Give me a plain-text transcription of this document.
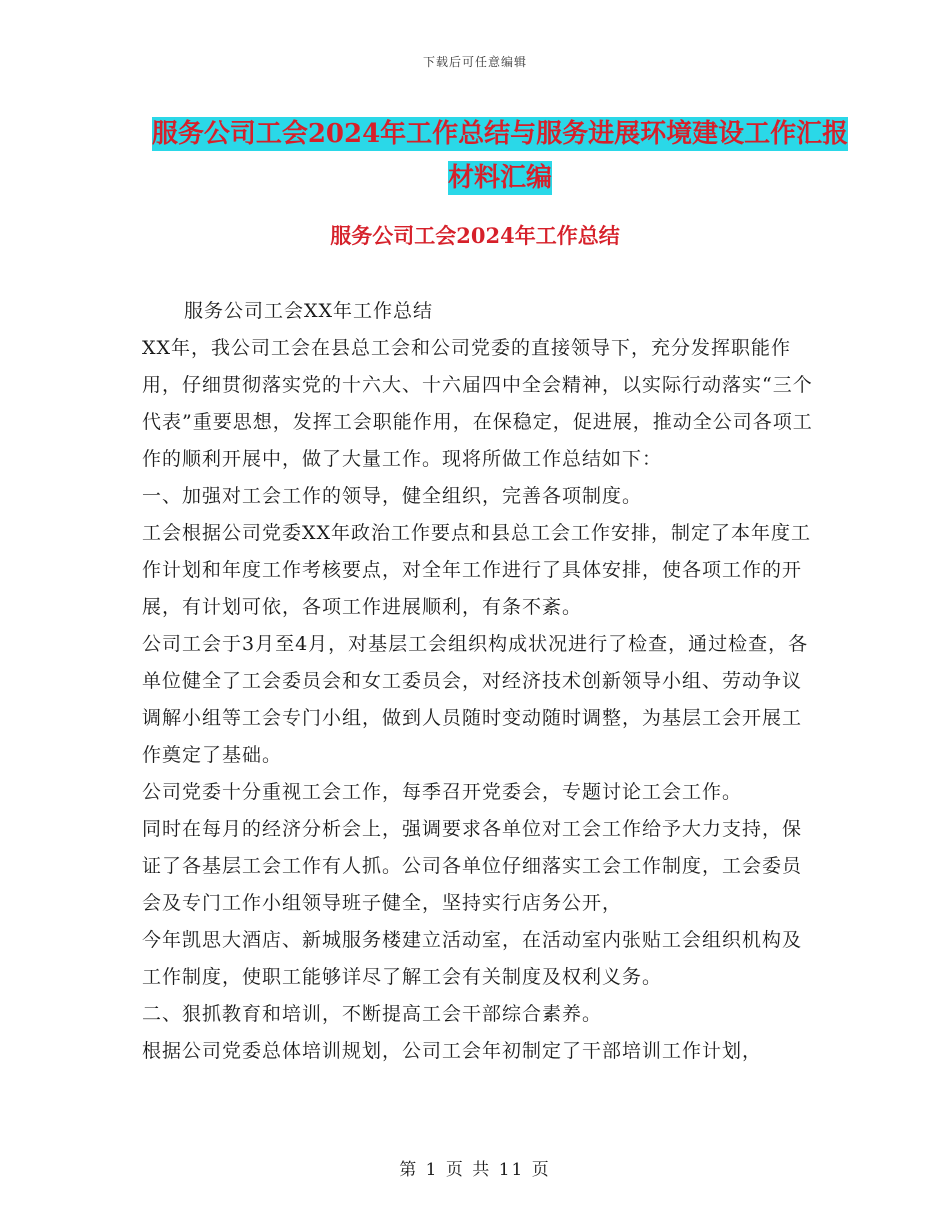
下载后可任意编辑
服务公司工会2024年工作总结与服务进展环境建设工作汇报材料汇编
服务公司工会2024年工作总结

服务公司工会XX年工作总结

XX年，我公司工会在县总工会和公司党委的直接领导下，充分发挥职能作用，仔细贯彻落实党的十六大、十六届四中全会精神，以实际行动落实“三个代表”重要思想，发挥工会职能作用，在保稳定，促进展，推动全公司各项工作的顺利开展中，做了大量工作。现将所做工作总结如下：

一、加强对工会工作的领导，健全组织，完善各项制度。

工会根据公司党委XX年政治工作要点和县总工会工作安排，制定了本年度工作计划和年度工作考核要点，对全年工作进行了具体安排，使各项工作的开展，有计划可依，各项工作进展顺利，有条不紊。

公司工会于3月至4月，对基层工会组织构成状况进行了检查，通过检查，各单位健全了工会委员会和女工委员会，对经济技术创新领导小组、劳动争议调解小组等工会专门小组，做到人员随时变动随时调整，为基层工会开展工作奠定了基础。

公司党委十分重视工会工作，每季召开党委会，专题讨论工会工作。

同时在每月的经济分析会上，强调要求各单位对工会工作给予大力支持，保证了各基层工会工作有人抓。公司各单位仔细落实工会工作制度，工会委员会及专门工作小组领导班子健全，坚持实行店务公开，

今年凯思大酒店、新城服务楼建立活动室，在活动室内张贴工会组织机构及工作制度，使职工能够详尽了解工会有关制度及权利义务。

二、狠抓教育和培训，不断提高工会干部综合素养。

根据公司党委总体培训规划，公司工会年初制定了干部培训工作计划，

第 1 页 共 11 页
